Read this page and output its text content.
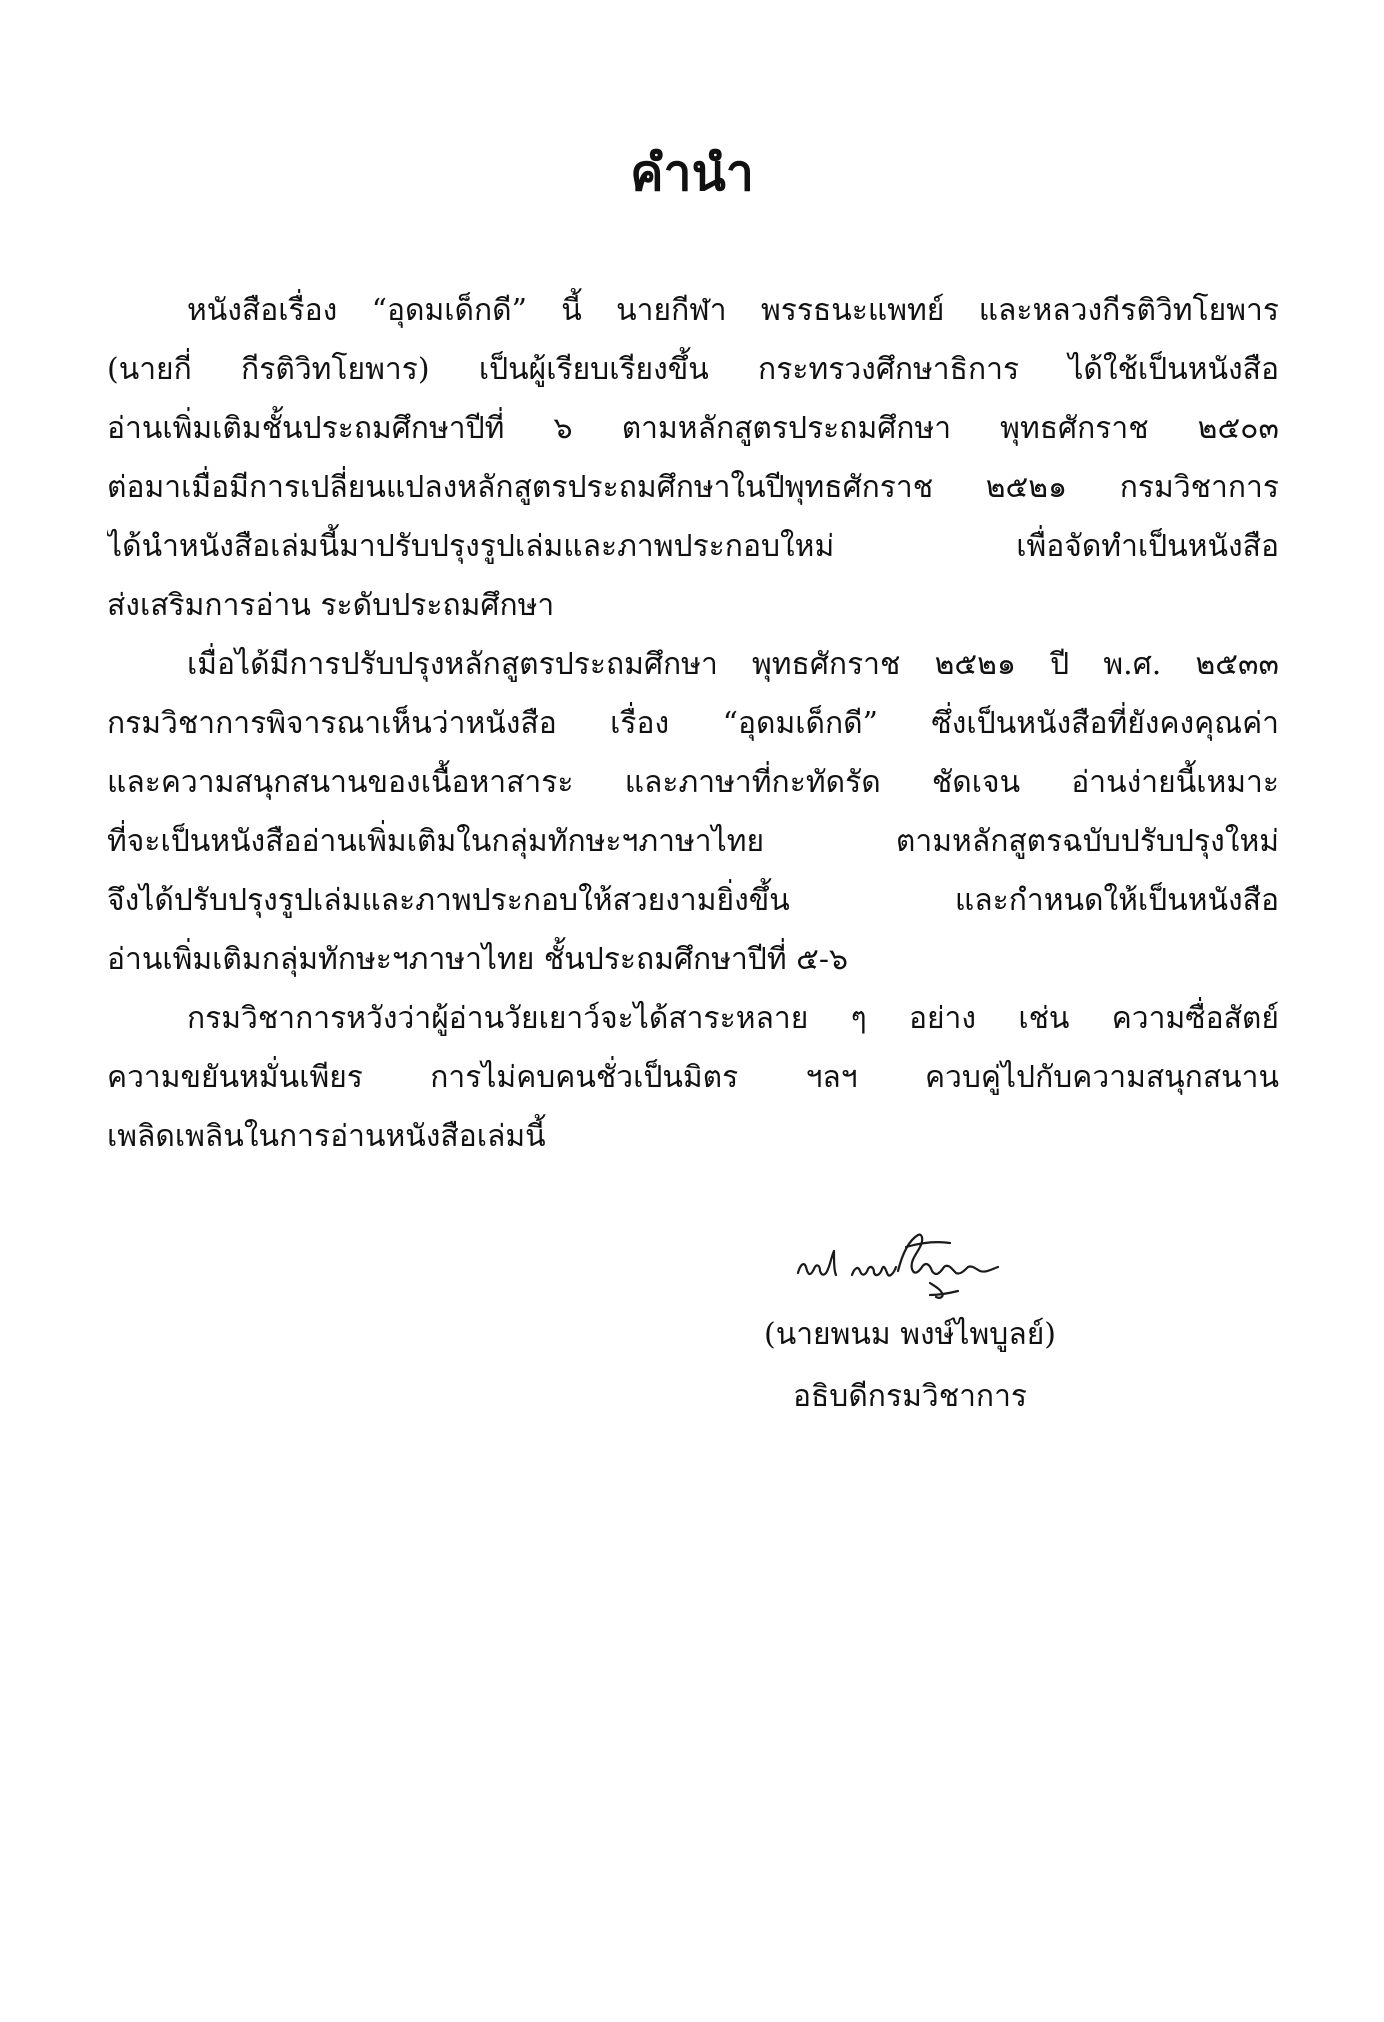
คำนำ
หนังสือเรื่อง “อุดมเด็กดี” นี้ นายกีฬา พรรธนะแพทย์ และหลวงกีรติวิทโยพาร
(นายกี่ กีรติวิทโยพาร) เป็นผู้เรียบเรียงขึ้น กระทรวงศึกษาธิการ ได้ใช้เป็นหนังสือ
อ่านเพิ่มเติมชั้นประถมศึกษาปีที่ ๖ ตามหลักสูตรประถมศึกษา พุทธศักราช ๒๕๐๓
ต่อมาเมื่อมีการเปลี่ยนแปลงหลักสูตรประถมศึกษาในปีพุทธศักราช ๒๕๒๑ กรมวิชาการ
ได้นำหนังสือเล่มนี้มาปรับปรุงรูปเล่มและภาพประกอบใหม่ เพื่อจัดทำเป็นหนังสือ
ส่งเสริมการอ่าน ระดับประถมศึกษา
เมื่อได้มีการปรับปรุงหลักสูตรประถมศึกษา พุทธศักราช ๒๕๒๑ ปี พ.ศ. ๒๕๓๓
กรมวิชาการพิจารณาเห็นว่าหนังสือ เรื่อง “อุดมเด็กดี” ซึ่งเป็นหนังสือที่ยังคงคุณค่า
และความสนุกสนานของเนื้อหาสาระ และภาษาที่กะทัดรัด ชัดเจน อ่านง่ายนี้เหมาะ
ที่จะเป็นหนังสืออ่านเพิ่มเติมในกลุ่มทักษะฯภาษาไทย ตามหลักสูตรฉบับปรับปรุงใหม่
จึงได้ปรับปรุงรูปเล่มและภาพประกอบให้สวยงามยิ่งขึ้น และกำหนดให้เป็นหนังสือ
อ่านเพิ่มเติมกลุ่มทักษะฯภาษาไทย ชั้นประถมศึกษาปีที่ ๕-๖
กรมวิชาการหวังว่าผู้อ่านวัยเยาว์จะได้สาระหลาย ๆ อย่าง เช่น ความซื่อสัตย์
ความขยันหมั่นเพียร การไม่คบคนชั่วเป็นมิตร ฯลฯ ควบคู่ไปกับความสนุกสนาน
เพลิดเพลินในการอ่านหนังสือเล่มนี้
(นายพนม พงษ์ไพบูลย์)
อธิบดีกรมวิชาการ
